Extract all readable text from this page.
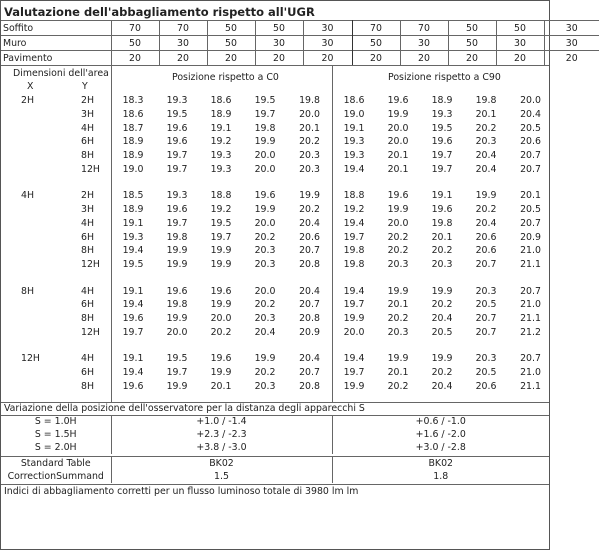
Valutazione dell'abbagliamento rispetto all'UGR
Soffito	70	70	50	50	30	70	70	50	50	30
Muro	50	30	50	30	30	50	30	50	30	30
Pavimento	20	20	20	20	20	20	20	20	20	20
Dimensioni dell'area
X	Y
Posizione rispetto a C0	Posizione rispetto a C90
2H	2H	18.3	19.3	18.6	19.5	19.8	18.6	19.6	18.9	19.8	20.0
	3H	18.6	19.5	18.9	19.7	20.0	19.0	19.9	19.3	20.1	20.4
	4H	18.7	19.6	19.1	19.8	20.1	19.1	20.0	19.5	20.2	20.5
	6H	18.9	19.6	19.2	19.9	20.2	19.3	20.0	19.6	20.3	20.6
	8H	18.9	19.7	19.3	20.0	20.3	19.3	20.1	19.7	20.4	20.7
	12H	19.0	19.7	19.3	20.0	20.3	19.4	20.1	19.7	20.4	20.7

4H	2H	18.5	19.3	18.8	19.6	19.9	18.8	19.6	19.1	19.9	20.1
	3H	18.9	19.6	19.2	19.9	20.2	19.2	19.9	19.6	20.2	20.5
	4H	19.1	19.7	19.5	20.0	20.4	19.4	20.0	19.8	20.4	20.7
	6H	19.3	19.8	19.7	20.2	20.6	19.7	20.2	20.1	20.6	20.9
	8H	19.4	19.9	19.9	20.3	20.7	19.8	20.2	20.2	20.6	21.0
	12H	19.5	19.9	19.9	20.3	20.8	19.8	20.3	20.3	20.7	21.1

8H	4H	19.1	19.6	19.6	20.0	20.4	19.4	19.9	19.9	20.3	20.7
	6H	19.4	19.8	19.9	20.2	20.7	19.7	20.1	20.2	20.5	21.0
	8H	19.6	19.9	20.0	20.3	20.8	19.9	20.2	20.4	20.7	21.1
	12H	19.7	20.0	20.2	20.4	20.9	20.0	20.3	20.5	20.7	21.2

12H	4H	19.1	19.5	19.6	19.9	20.4	19.4	19.9	19.9	20.3	20.7
	6H	19.4	19.7	19.9	20.2	20.7	19.7	20.1	20.2	20.5	21.0
	8H	19.6	19.9	20.1	20.3	20.8	19.9	20.2	20.4	20.6	21.1
Variazione della posizione dell'osservatore per la distanza degli apparecchi S
S = 1.0H	+1.0 / -1.4	+0.6 / -1.0
S = 1.5H	+2.3 / -2.3	+1.6 / -2.0
S = 2.0H	+3.8 / -3.0	+3.0 / -2.8
Standard Table	BK02	BK02
CorrectionSummand	1.5	1.8
Indici di abbagliamento corretti per un flusso luminoso totale di 3980 lm lm
